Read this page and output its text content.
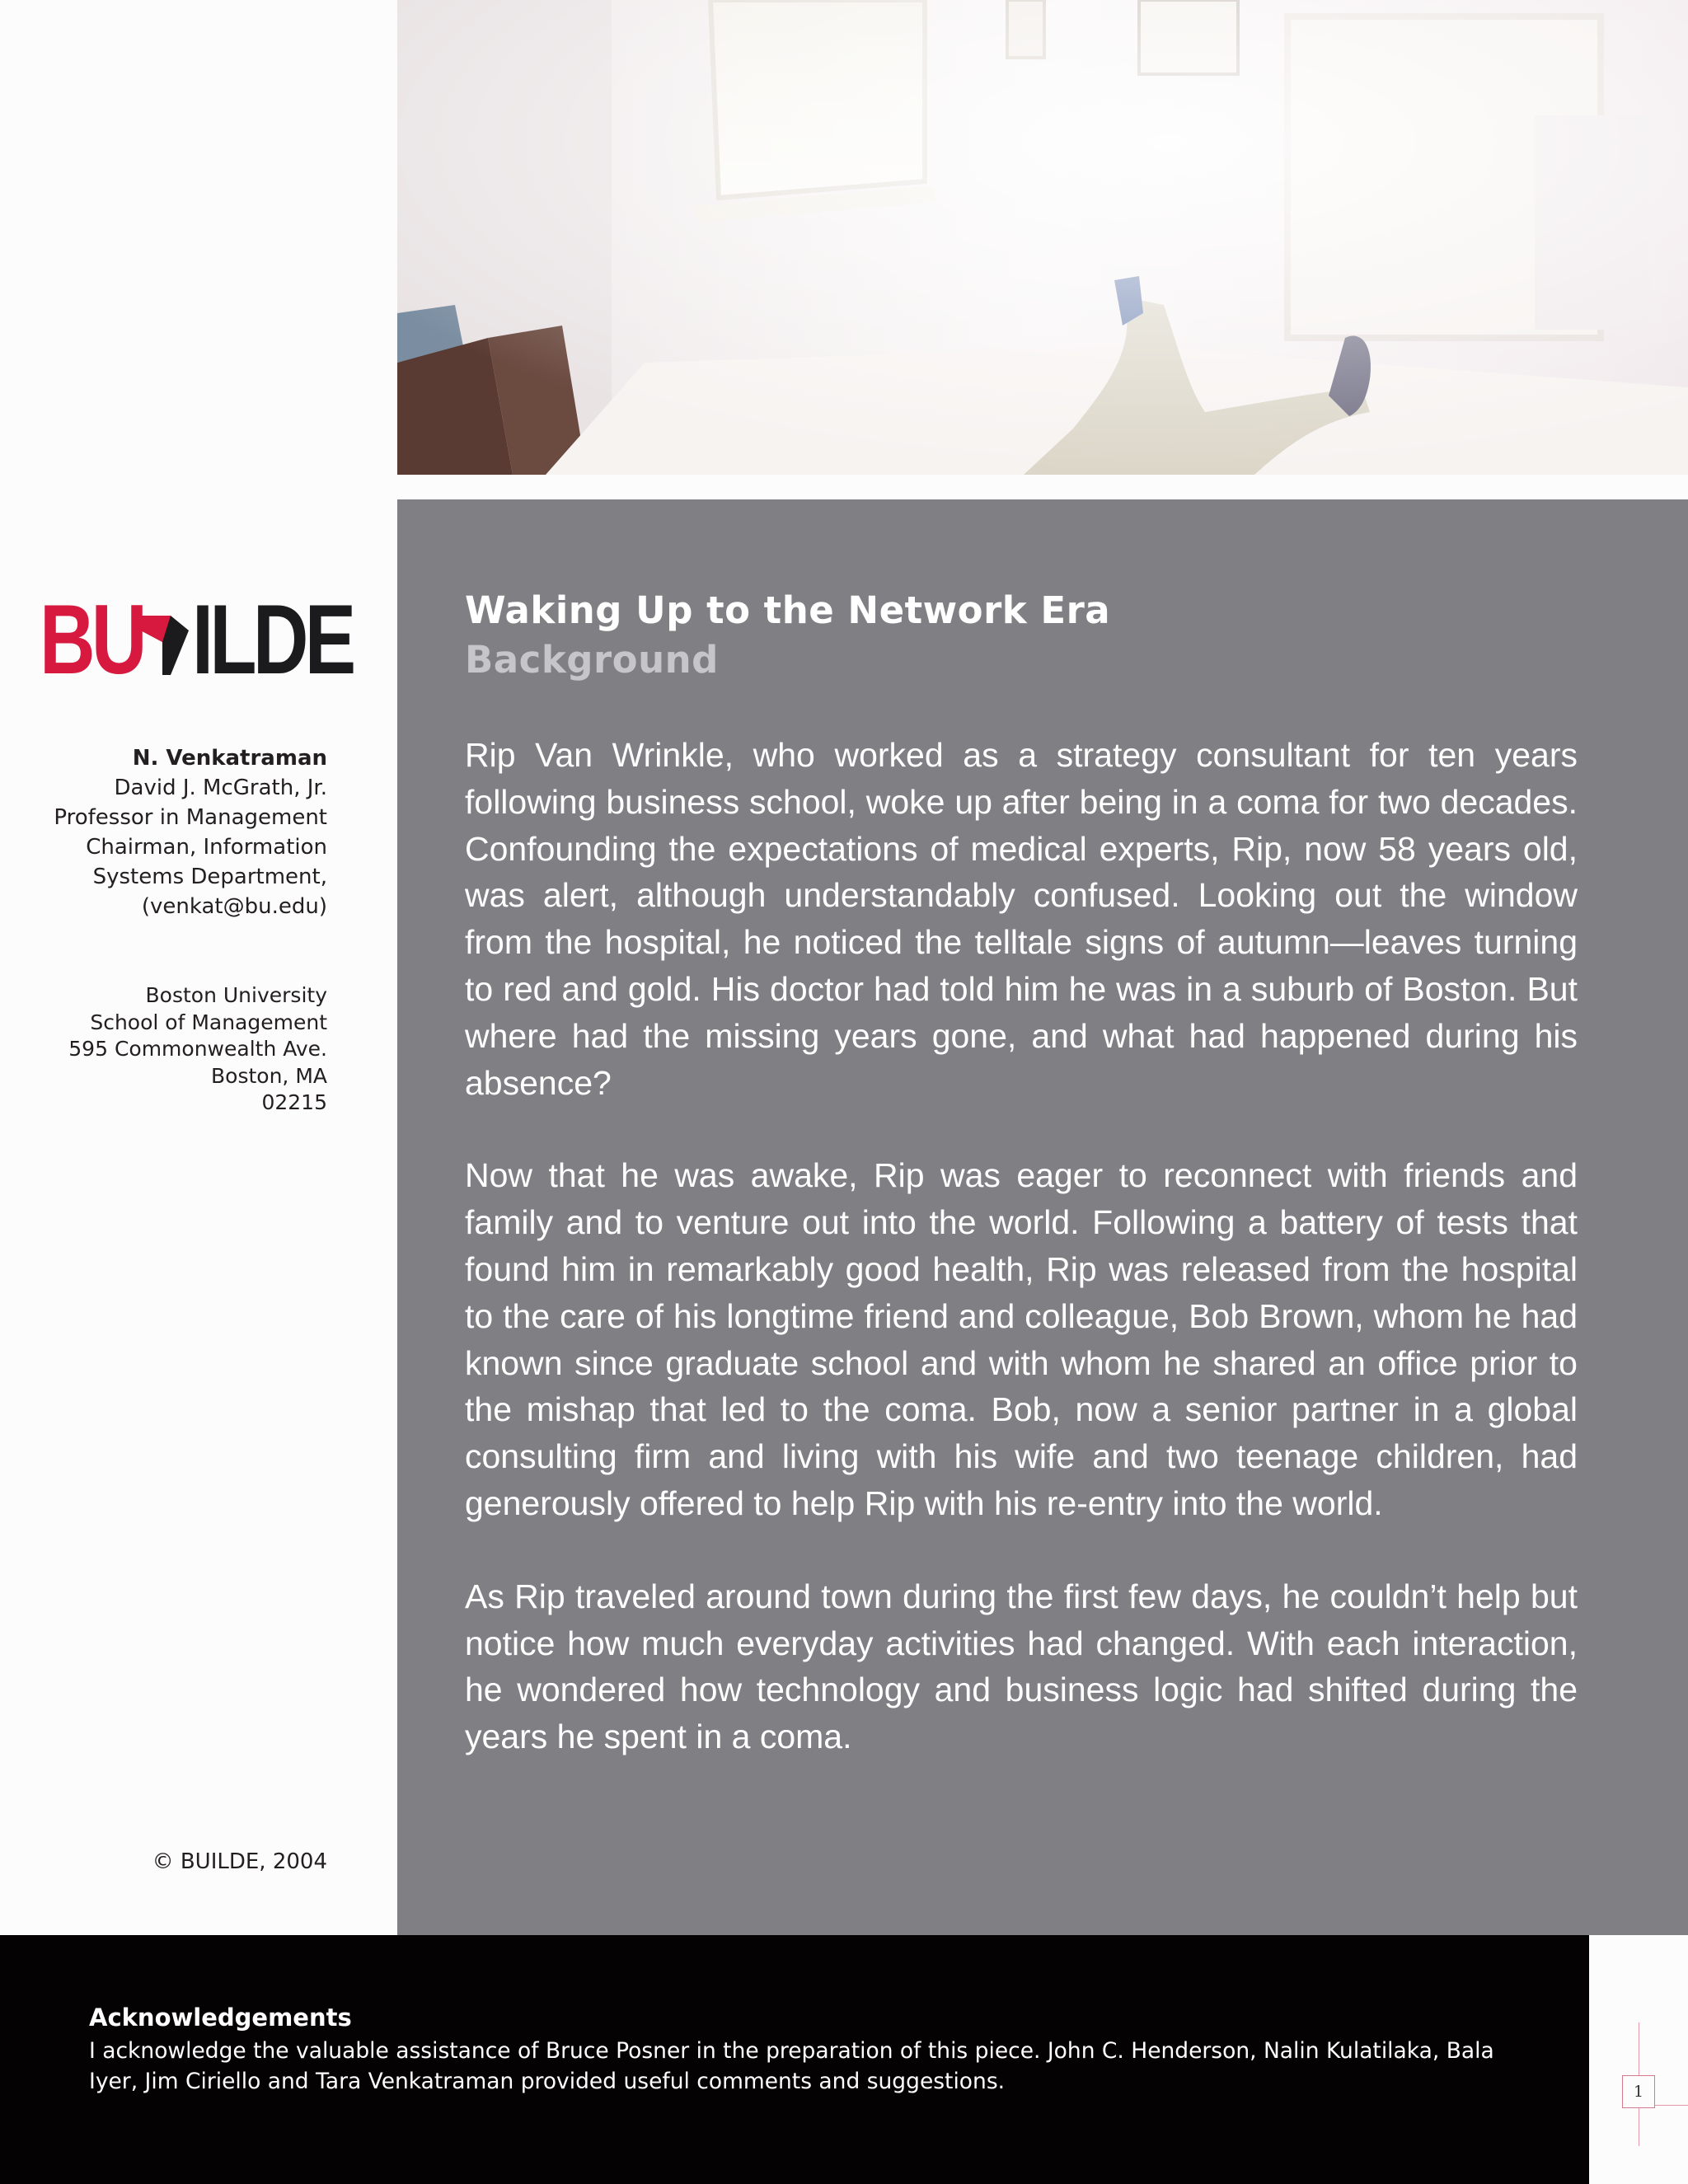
BU ILDE
N. Venkatraman
David J. McGrath, Jr.
Professor in Management
Chairman, Information
Systems Department,
(venkat@bu.edu)
Boston University
School of Management
595 Commonwealth Ave.
Boston, MA
02215
© BUILDE, 2004
Waking Up to the Network Era
Background

Rip Van Wrinkle, who worked as a strategy consultant for ten years following business school, woke up after being in a coma for two decades. Confounding the expectations of medical experts, Rip, now 58 years old, was alert, although understandably confused. Looking out the window from the hospital, he noticed the telltale signs of autumn—leaves turning to red and gold. His doctor had told him he was in a suburb of Boston. But where had the missing years gone, and what had happened during his absence?

Now that he was awake, Rip was eager to reconnect with friends and family and to venture out into the world. Following a battery of tests that found him in remarkably good health, Rip was released from the hospital to the care of his longtime friend and colleague, Bob Brown, whom he had known since graduate school and with whom he shared an office prior to the mishap that led to the coma. Bob, now a senior partner in a global consulting firm and living with his wife and two teenage children, had generously offered to help Rip with his re-entry into the world.

As Rip traveled around town during the first few days, he couldn’t help but notice how much everyday activities had changed. With each interaction, he wondered how technology and business logic had shifted during the years he spent in a coma.

Acknowledgements
I acknowledge the valuable assistance of Bruce Posner in the preparation of this piece. John C. Henderson, Nalin Kulatilaka, Bala Iyer, Jim Ciriello and Tara Venkatraman provided useful comments and suggestions.	1
